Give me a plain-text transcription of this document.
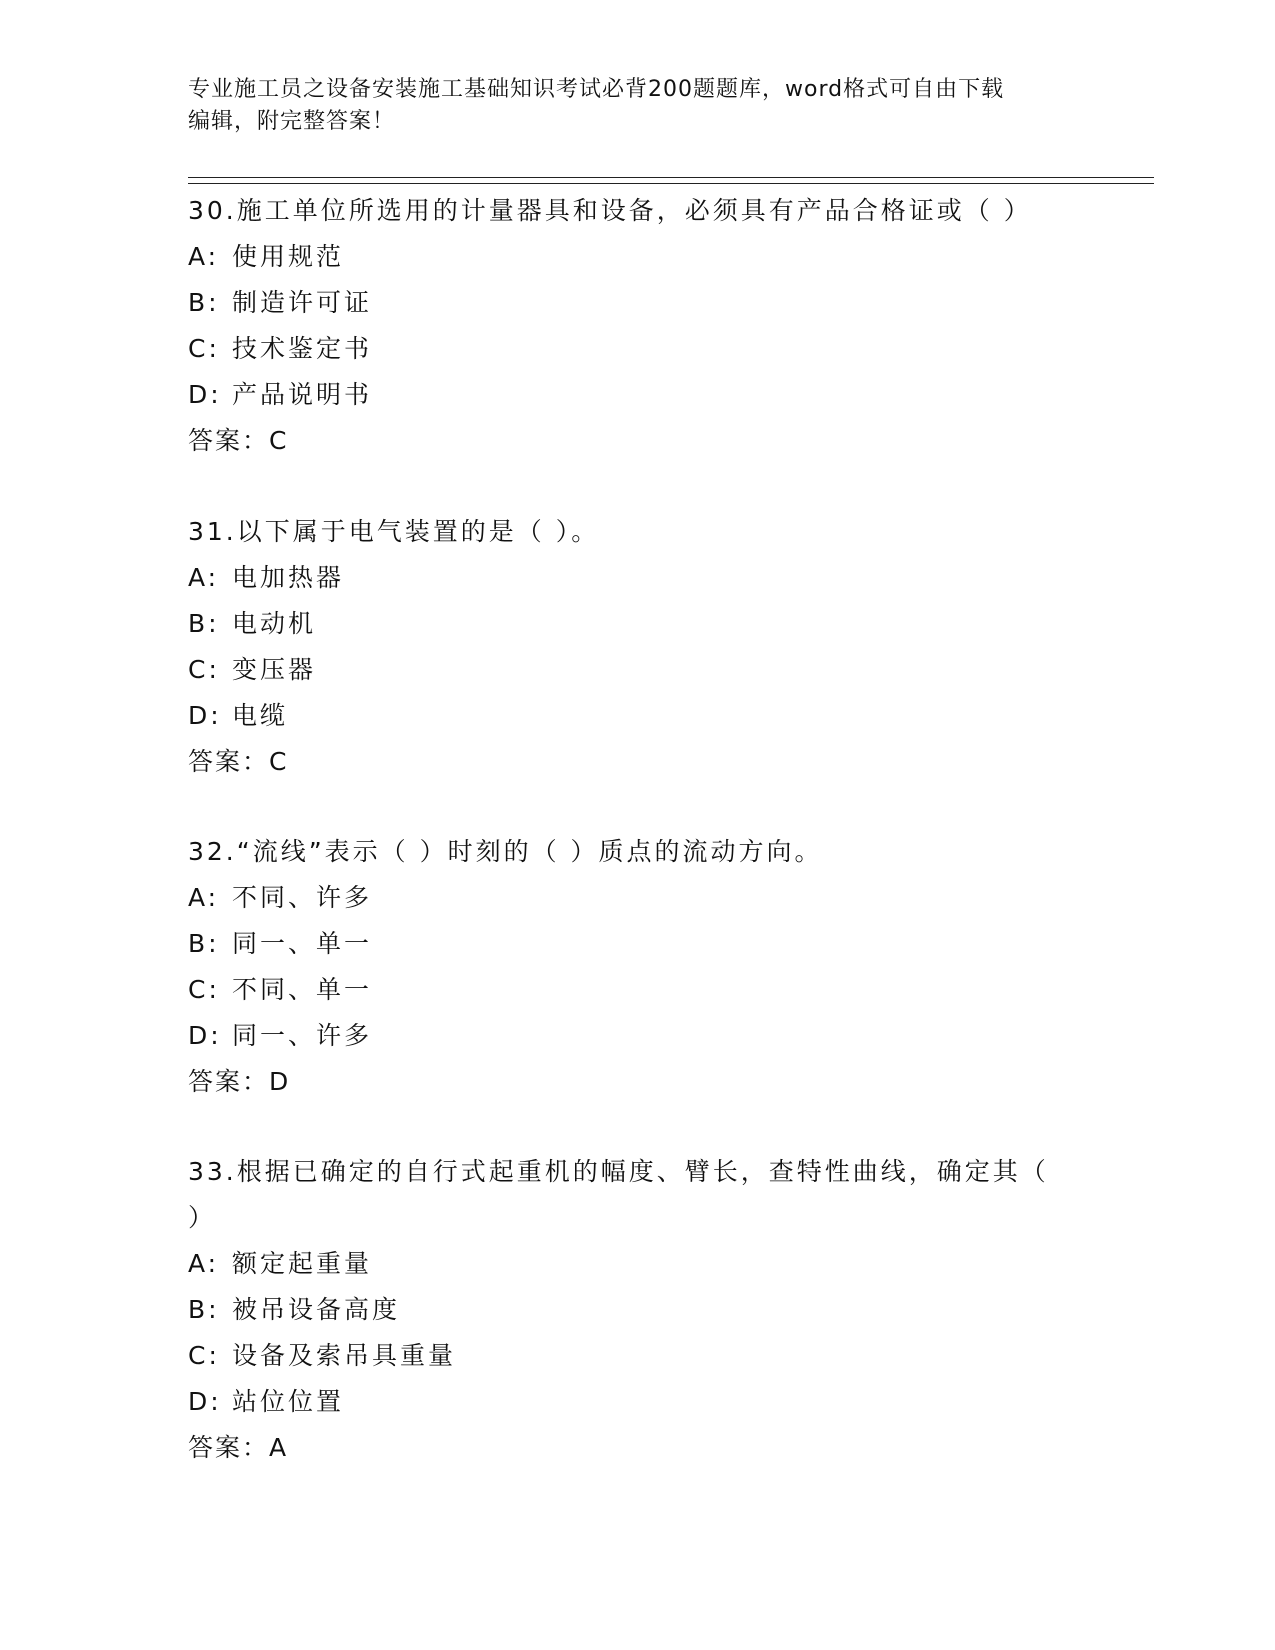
专业施工员之设备安装施工基础知识考试必背200题题库，word格式可自由下载
编辑，附完整答案！
30.施工单位所选用的计量器具和设备，必须具有产品合格证或（ ）
A: 使用规范
B: 制造许可证
C: 技术鉴定书
D: 产品说明书
答案：C
31.以下属于电气装置的是（ ）。
A: 电加热器
B: 电动机
C: 变压器
D: 电缆
答案：C
32.“流线”表示（ ）时刻的（ ）质点的流动方向。
A: 不同、许多
B: 同一、单一
C: 不同、单一
D: 同一、许多
答案：D
33.根据已确定的自行式起重机的幅度、臂长，查特性曲线，确定其（
）
A: 额定起重量
B: 被吊设备高度
C: 设备及索吊具重量
D: 站位位置
答案：A
